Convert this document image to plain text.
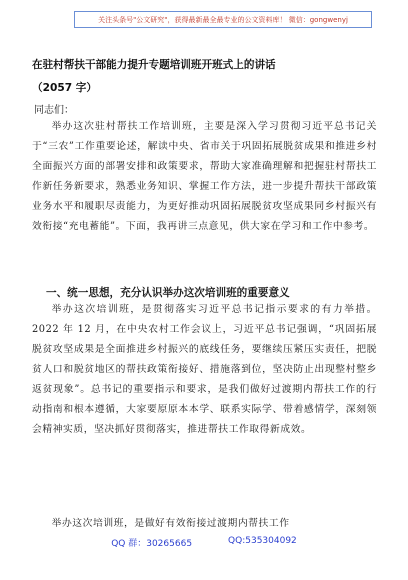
关注头条号"公文研究"，获得最新最全最专业的公文资料库！ 微信：gongwenyj
在驻村帮扶干部能力提升专题培训班开班式上的讲话
（2057 字）
同志们：
举办这次驻村帮扶工作培训班，主要是深入学习贯彻习近平总书记关于“三农”工作重要论述，解读中央、省市关于巩固拓展脱贫成果和推进乡村全面振兴方面的部署安排和政策要求，帮助大家准确理解和把握驻村帮扶工作新任务新要求，熟悉业务知识、掌握工作方法，进一步提升帮扶干部政策业务水平和履职尽责能力，为更好推动巩固拓展脱贫攻坚成果同乡村振兴有效衔接“充电蓄能”。下面，我再讲三点意见，供大家在学习和工作中参考。
一、统一思想，充分认识举办这次培训班的重要意义
举办这次培训班，是贯彻落实习近平总书记指示要求的有力举措。2022 年 12 月，在中央农村工作会议上，习近平总书记强调，“巩固拓展脱贫攻坚成果是全面推进乡村振兴的底线任务，要继续压紧压实责任，把脱贫人口和脱贫地区的帮扶政策衔接好、措施落到位，坚决防止出现整村整乡返贫现象”。总书记的重要指示和要求，是我们做好过渡期内帮扶工作的行动指南和根本遵循，大家要原原本本学、联系实际学、带着感情学，深刻领会精神实质，坚决抓好贯彻落实，推进帮扶工作取得新成效。
举办这次培训班，是做好有效衔接过渡期内帮扶工作
QQ 群：30265665	QQ:535304092
